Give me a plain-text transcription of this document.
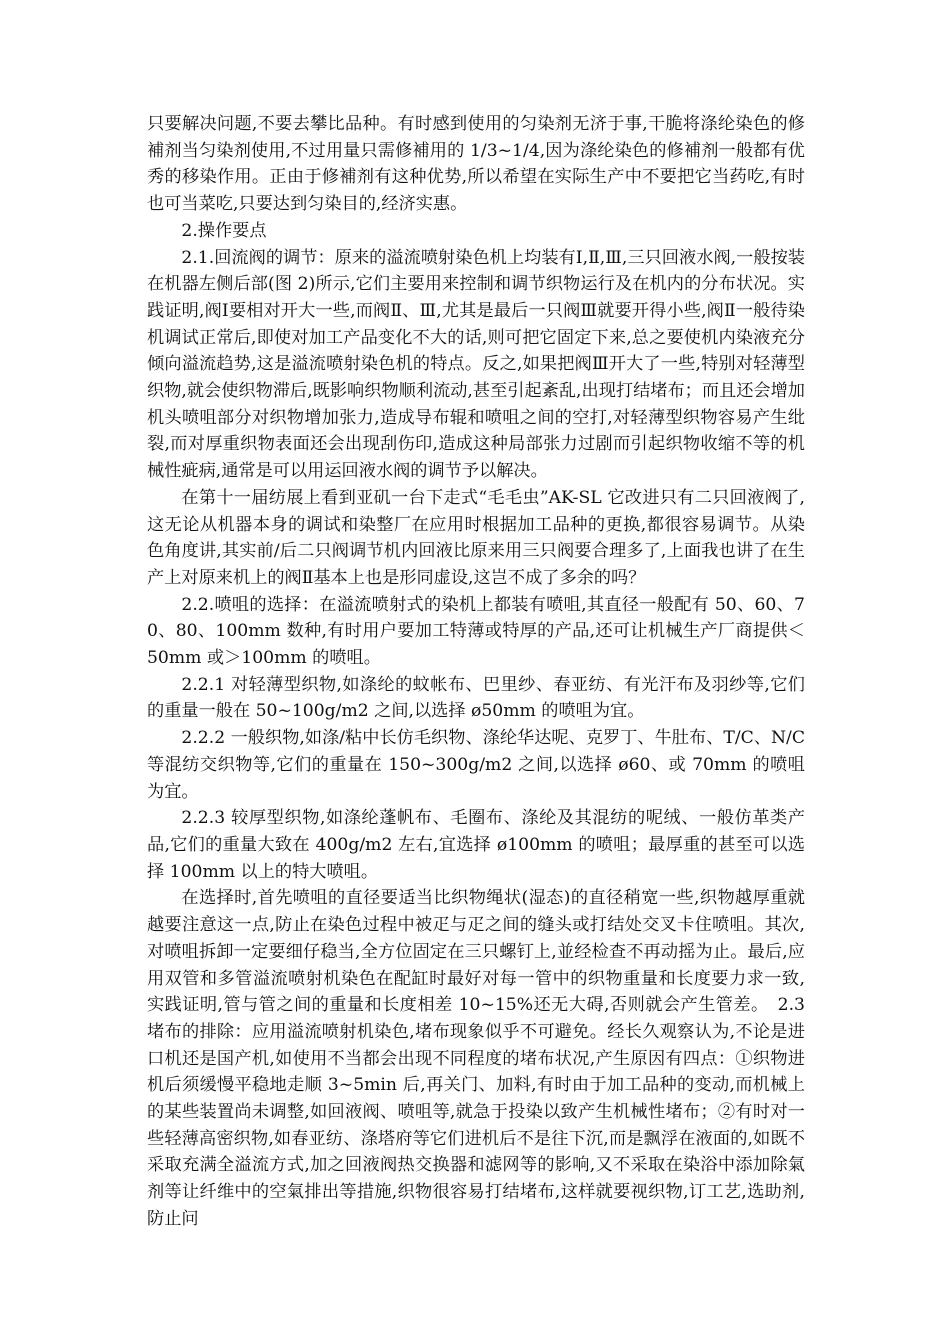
只要解决问题,不要去攀比品种。有时感到使用的匀染剂无济于事,干脆将涤纶染色的修補剂当匀染剂使用,不过用量只需修補用的 1/3~1/4,因为涤纶染色的修補剂一般都有优秀的移染作用。正由于修補剂有这种优势,所以希望在实际生产中不要把它当药吃,有时也可当菜吃,只要达到匀染目的,经济实惠。

2.操作要点

2.1.回流阀的调节：原来的溢流喷射染色机上均装有Ⅰ,Ⅱ,Ⅲ,三只回液水阀,一般按装在机器左侧后部(图 2)所示,它们主要用来控制和调节织物运行及在机内的分布状况。实践证明,阀Ⅰ要相对开大一些,而阀Ⅱ、Ⅲ,尤其是最后一只阀Ⅲ就要开得小些,阀Ⅱ一般待染机调试正常后,即使对加工产品变化不大的话,则可把它固定下来,总之要使机内染液充分倾向溢流趋势,这是溢流喷射染色机的特点。反之,如果把阀Ⅲ开大了一些,特别对轻薄型织物,就会使织物滞后,既影响织物顺利流动,甚至引起紊乱,出现打结堵布；而且还会增加机头喷咀部分对织物增加张力,造成导布辊和喷咀之间的空打,对轻薄型织物容易产生纰裂,而对厚重织物表面还会出现刮伤印,造成这种局部张力过剧而引起织物收缩不等的机械性疵病,通常是可以用运回液水阀的调节予以解决。

在第十一届纺展上看到亚矶一台下走式“毛毛虫”AK-SL 它改进只有二只回液阀了,这无论从机器本身的调试和染整厂在应用时根据加工品种的更换,都很容易调节。从染色角度讲,其实前/后二只阀调节机内回液比原来用三只阀要合理多了,上面我也讲了在生产上对原来机上的阀Ⅱ基本上也是形同虚设,这岂不成了多余的吗？

2.2.喷咀的选择：在溢流喷射式的染机上都装有喷咀,其直径一般配有 50、60、70、80、100mm 数种,有时用户要加工特薄或特厚的产品,还可让机械生产厂商提供＜50mm 或＞100mm 的喷咀。

2.2.1 对轻薄型织物,如涤纶的蚊帐布、巴里纱、春亚纺、有光汗布及羽纱等,它们的重量一般在 50~100g/m2 之间,以选择 ø50mm 的喷咀为宜。

2.2.2 一般织物,如涤/粘中长仿毛织物、涤纶华达呢、克罗丁、牛肚布、T/C、N/C 等混纺交织物等,它们的重量在 150~300g/m2 之间,以选择 ø60、或 70mm 的喷咀为宜。

2.2.3 较厚型织物,如涤纶蓬帆布、毛圈布、涤纶及其混纺的呢绒、一般仿革类产品,它们的重量大致在 400g/m2 左右,宜选择 ø100mm 的喷咀；最厚重的甚至可以选择 100mm 以上的特大喷咀。

在选择时,首先喷咀的直径要适当比织物绳状(湿态)的直径稍宽一些,织物越厚重就越要注意这一点,防止在染色过程中被疋与疋之间的缝头或打结处交叉卡住喷咀。其次,对喷咀拆卸一定要细仔稳当,全方位固定在三只螺钉上,並经检查不再动摇为止。最后,应用双管和多管溢流喷射机染色在配缸时最好对每一管中的织物重量和长度要力求一致,实践证明,管与管之间的重量和长度相差 10~15%还无大碍,否则就会产生管差。　2.3 堵布的排除：应用溢流喷射机染色,堵布现象似乎不可避免。经长久观察认为,不论是进口机还是国产机,如使用不当都会出现不同程度的堵布状况,产生原因有四点：①织物进机后须缓慢平稳地走顺 3~5min 后,再关门、加料,有时由于加工品种的变动,而机械上的某些装置尚未调整,如回液阀、喷咀等,就急于投染以致产生机械性堵布；②有时对一些轻薄高密织物,如春亚纺、涤塔府等它们进机后不是往下沉,而是飘浮在液面的,如既不采取充满全溢流方式,加之回液阀热交换器和滤网等的影响,又不采取在染浴中添加除氣剂等让纤维中的空氣排出等措施,织物很容易打结堵布,这样就要视织物,订工艺,选助剂,防止问
